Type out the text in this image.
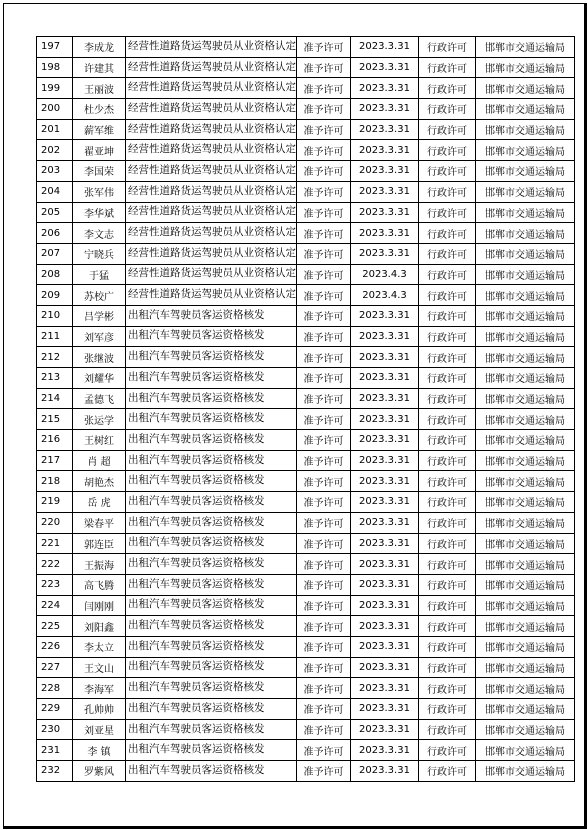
197	李成龙	经营性道路货运驾驶员从业资格认定	准予许可	2023.3.31	行政许可	邯郸市交通运输局
198	许建其	经营性道路货运驾驶员从业资格认定	准予许可	2023.3.31	行政许可	邯郸市交通运输局
199	王丽波	经营性道路货运驾驶员从业资格认定	准予许可	2023.3.31	行政许可	邯郸市交通运输局
200	杜少杰	经营性道路货运驾驶员从业资格认定	准予许可	2023.3.31	行政许可	邯郸市交通运输局
201	薪军维	经营性道路货运驾驶员从业资格认定	准予许可	2023.3.31	行政许可	邯郸市交通运输局
202	翟亚坤	经营性道路货运驾驶员从业资格认定	准予许可	2023.3.31	行政许可	邯郸市交通运输局
203	李国荣	经营性道路货运驾驶员从业资格认定	准予许可	2023.3.31	行政许可	邯郸市交通运输局
204	张军伟	经营性道路货运驾驶员从业资格认定	准予许可	2023.3.31	行政许可	邯郸市交通运输局
205	李华斌	经营性道路货运驾驶员从业资格认定	准予许可	2023.3.31	行政许可	邯郸市交通运输局
206	李文志	经营性道路货运驾驶员从业资格认定	准予许可	2023.3.31	行政许可	邯郸市交通运输局
207	宁晓兵	经营性道路货运驾驶员从业资格认定	准予许可	2023.3.31	行政许可	邯郸市交通运输局
208	于猛	经营性道路货运驾驶员从业资格认定	准予许可	2023.4.3	行政许可	邯郸市交通运输局
209	苏校广	经营性道路货运驾驶员从业资格认定	准予许可	2023.4.3	行政许可	邯郸市交通运输局
210	吕学彬	出租汽车驾驶员客运资格核发	准予许可	2023.3.31	行政许可	邯郸市交通运输局
211	刘军彦	出租汽车驾驶员客运资格核发	准予许可	2023.3.31	行政许可	邯郸市交通运输局
212	张继波	出租汽车驾驶员客运资格核发	准予许可	2023.3.31	行政许可	邯郸市交通运输局
213	刘耀华	出租汽车驾驶员客运资格核发	准予许可	2023.3.31	行政许可	邯郸市交通运输局
214	孟德飞	出租汽车驾驶员客运资格核发	准予许可	2023.3.31	行政许可	邯郸市交通运输局
215	张运学	出租汽车驾驶员客运资格核发	准予许可	2023.3.31	行政许可	邯郸市交通运输局
216	王树红	出租汽车驾驶员客运资格核发	准予许可	2023.3.31	行政许可	邯郸市交通运输局
217	肖 超	出租汽车驾驶员客运资格核发	准予许可	2023.3.31	行政许可	邯郸市交通运输局
218	胡艳杰	出租汽车驾驶员客运资格核发	准予许可	2023.3.31	行政许可	邯郸市交通运输局
219	岳 虎	出租汽车驾驶员客运资格核发	准予许可	2023.3.31	行政许可	邯郸市交通运输局
220	梁春平	出租汽车驾驶员客运资格核发	准予许可	2023.3.31	行政许可	邯郸市交通运输局
221	郭连臣	出租汽车驾驶员客运资格核发	准予许可	2023.3.31	行政许可	邯郸市交通运输局
222	王振海	出租汽车驾驶员客运资格核发	准予许可	2023.3.31	行政许可	邯郸市交通运输局
223	高飞腾	出租汽车驾驶员客运资格核发	准予许可	2023.3.31	行政许可	邯郸市交通运输局
224	闫刚刚	出租汽车驾驶员客运资格核发	准予许可	2023.3.31	行政许可	邯郸市交通运输局
225	刘阳鑫	出租汽车驾驶员客运资格核发	准予许可	2023.3.31	行政许可	邯郸市交通运输局
226	李太立	出租汽车驾驶员客运资格核发	准予许可	2023.3.31	行政许可	邯郸市交通运输局
227	王文山	出租汽车驾驶员客运资格核发	准予许可	2023.3.31	行政许可	邯郸市交通运输局
228	李海军	出租汽车驾驶员客运资格核发	准予许可	2023.3.31	行政许可	邯郸市交通运输局
229	孔帅帅	出租汽车驾驶员客运资格核发	准予许可	2023.3.31	行政许可	邯郸市交通运输局
230	刘亚星	出租汽车驾驶员客运资格核发	准予许可	2023.3.31	行政许可	邯郸市交通运输局
231	李 镇	出租汽车驾驶员客运资格核发	准予许可	2023.3.31	行政许可	邯郸市交通运输局
232	罗紫风	出租汽车驾驶员客运资格核发	准予许可	2023.3.31	行政许可	邯郸市交通运输局
